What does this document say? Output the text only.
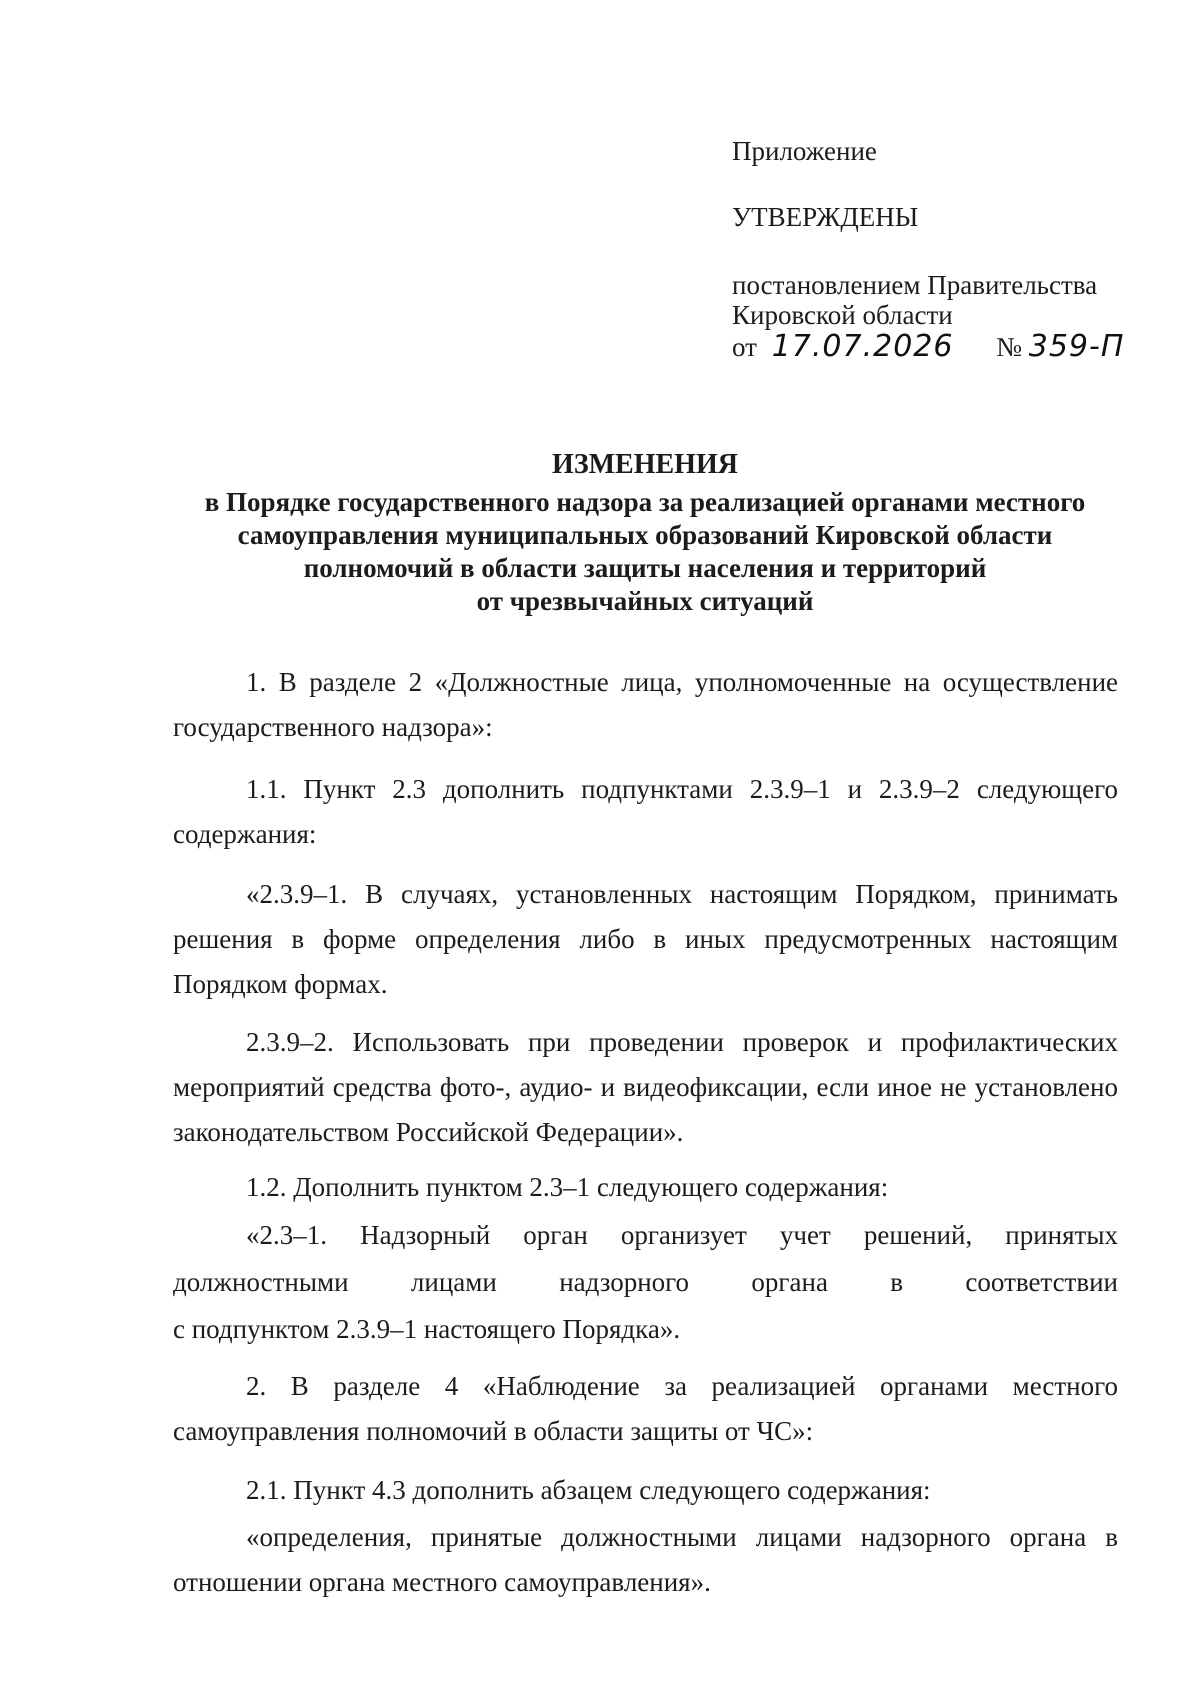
Приложение
УТВЕРЖДЕНЫ
постановлением Правительства
Кировской области
от 17.07.2026 № 359-П
ИЗМЕНЕНИЯ
в Порядке государственного надзора за реализацией органами местного
самоуправления муниципальных образований Кировской области
полномочий в области защиты населения и территорий
от чрезвычайных ситуаций
1. В разделе 2 «Должностные лица, уполномоченные на осуществление государственного надзора»:
1.1. Пункт 2.3 дополнить подпунктами 2.3.9–1 и 2.3.9–2 следующего содержания:
«2.3.9–1. В случаях, установленных настоящим Порядком, принимать решения в форме определения либо в иных предусмотренных настоящим Порядком формах.
2.3.9–2. Использовать при проведении проверок и профилактических мероприятий средства фото-, аудио- и видеофиксации, если иное не установлено законодательством Российской Федерации».
1.2. Дополнить пунктом 2.3–1 следующего содержания:
«2.3–1. Надзорный орган организует учет решений, принятых
должностными лицами надзорного органа в соответствии
с подпунктом 2.3.9–1 настоящего Порядка».
2. В разделе 4 «Наблюдение за реализацией органами местного самоуправления полномочий в области защиты от ЧС»:
2.1. Пункт 4.3 дополнить абзацем следующего содержания:
«определения, принятые должностными лицами надзорного органа в отношении органа местного самоуправления».
